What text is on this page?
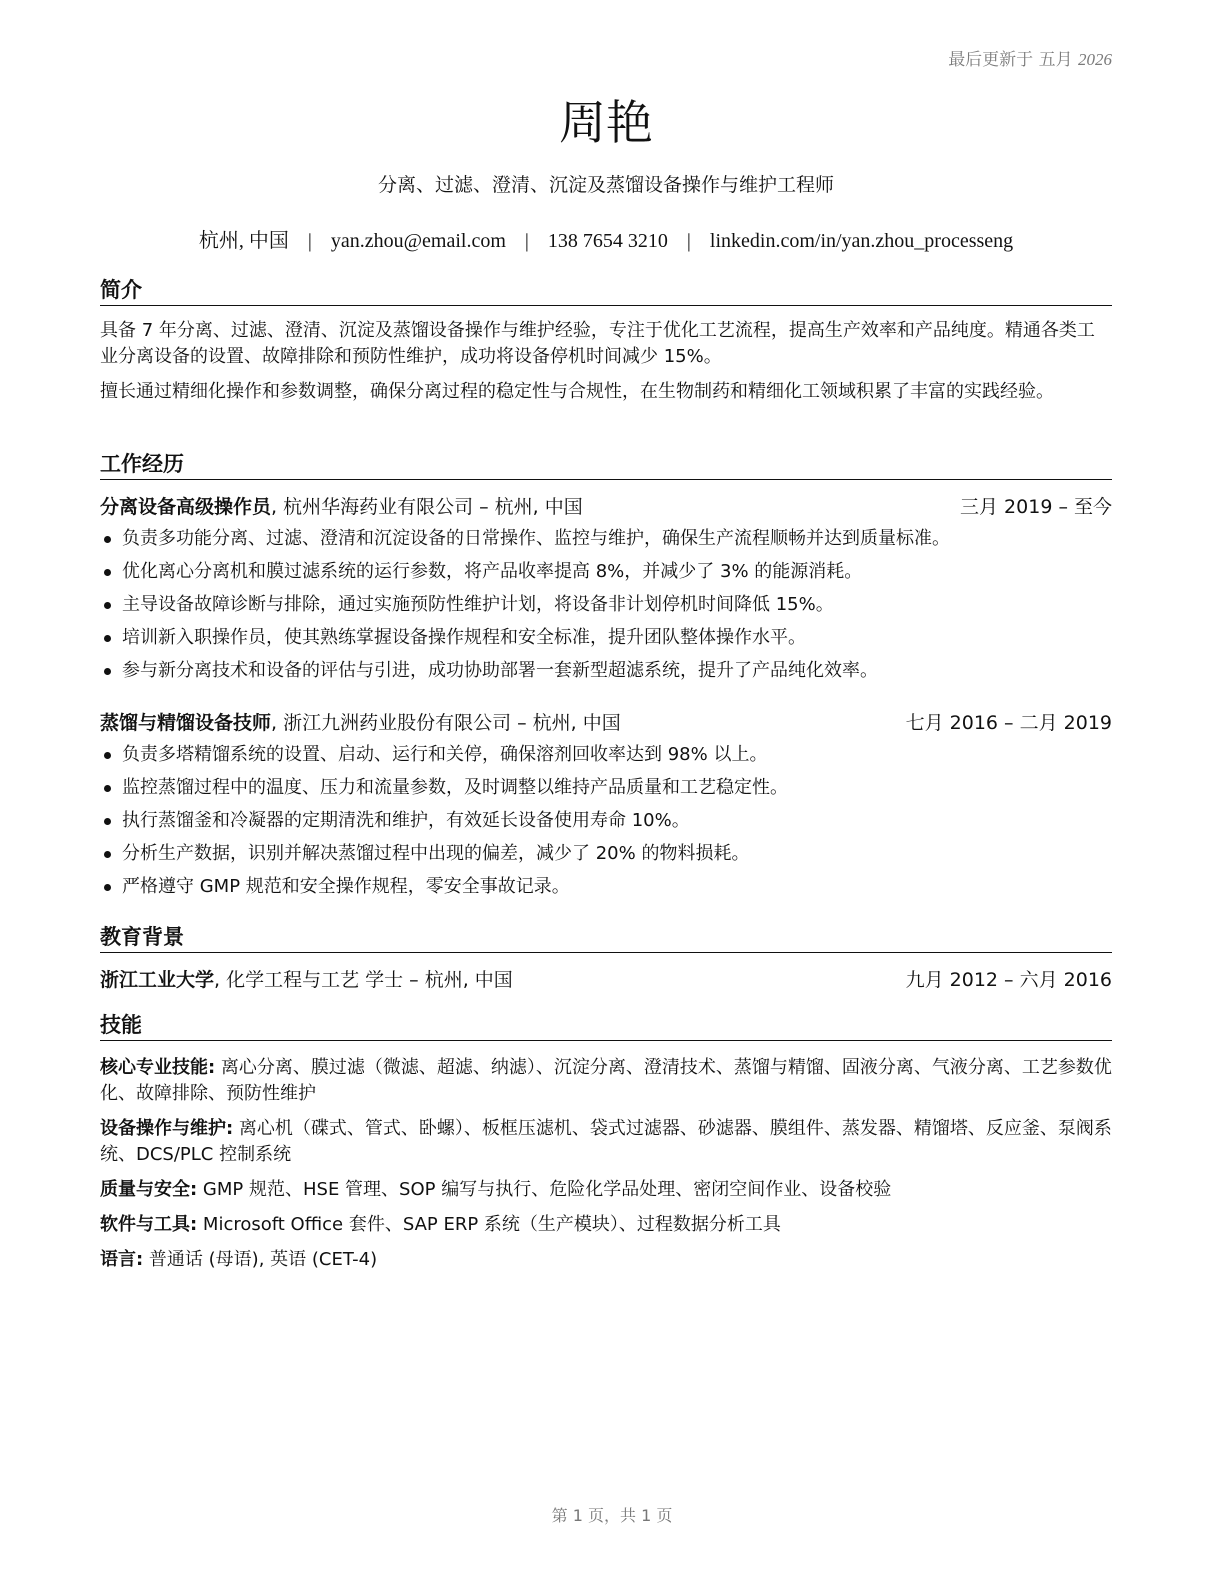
最后更新于 五月 2026
周艳
分离、过滤、澄清、沉淀及蒸馏设备操作与维护工程师
杭州, 中国 | yan.zhou@email.com | 138 7654 3210 | linkedin.com/in/yan.zhou_processeng
简介

具备 7 年分离、过滤、澄清、沉淀及蒸馏设备操作与维护经验，专注于优化工艺流程，提高生产效率和产品纯度。精通各类工业分离设备的设置、故障排除和预防性维护，成功将设备停机时间减少 15%。

擅长通过精细化操作和参数调整，确保分离过程的稳定性与合规性，在生物制药和精细化工领域积累了丰富的实践经验。

工作经历
分离设备高级操作员, 杭州华海药业有限公司 – 杭州, 中国	三月 2019 – 至今
负责多功能分离、过滤、澄清和沉淀设备的日常操作、监控与维护，确保生产流程顺畅并达到质量标准。
优化离心分离机和膜过滤系统的运行参数，将产品收率提高 8%，并减少了 3% 的能源消耗。
主导设备故障诊断与排除，通过实施预防性维护计划，将设备非计划停机时间降低 15%。
培训新入职操作员，使其熟练掌握设备操作规程和安全标准，提升团队整体操作水平。
参与新分离技术和设备的评估与引进，成功协助部署一套新型超滤系统，提升了产品纯化效率。
蒸馏与精馏设备技师, 浙江九洲药业股份有限公司 – 杭州, 中国	七月 2016 – 二月 2019
负责多塔精馏系统的设置、启动、运行和关停，确保溶剂回收率达到 98% 以上。
监控蒸馏过程中的温度、压力和流量参数，及时调整以维持产品质量和工艺稳定性。
执行蒸馏釜和冷凝器的定期清洗和维护，有效延长设备使用寿命 10%。
分析生产数据，识别并解决蒸馏过程中出现的偏差，减少了 20% 的物料损耗。
严格遵守 GMP 规范和安全操作规程，零安全事故记录。
教育背景
浙江工业大学, 化学工程与工艺 学士 – 杭州, 中国	九月 2012 – 六月 2016
技能

核心专业技能: 离心分离、膜过滤（微滤、超滤、纳滤）、沉淀分离、澄清技术、蒸馏与精馏、固液分离、气液分离、工艺参数优化、故障排除、预防性维护

设备操作与维护: 离心机（碟式、管式、卧螺）、板框压滤机、袋式过滤器、砂滤器、膜组件、蒸发器、精馏塔、反应釜、泵阀系统、DCS/PLC 控制系统

质量与安全: GMP 规范、HSE 管理、SOP 编写与执行、危险化学品处理、密闭空间作业、设备校验

软件与工具: Microsoft Office 套件、SAP ERP 系统（生产模块）、过程数据分析工具

语言: 普通话 (母语), 英语 (CET-4)

第 1 页，共 1 页
